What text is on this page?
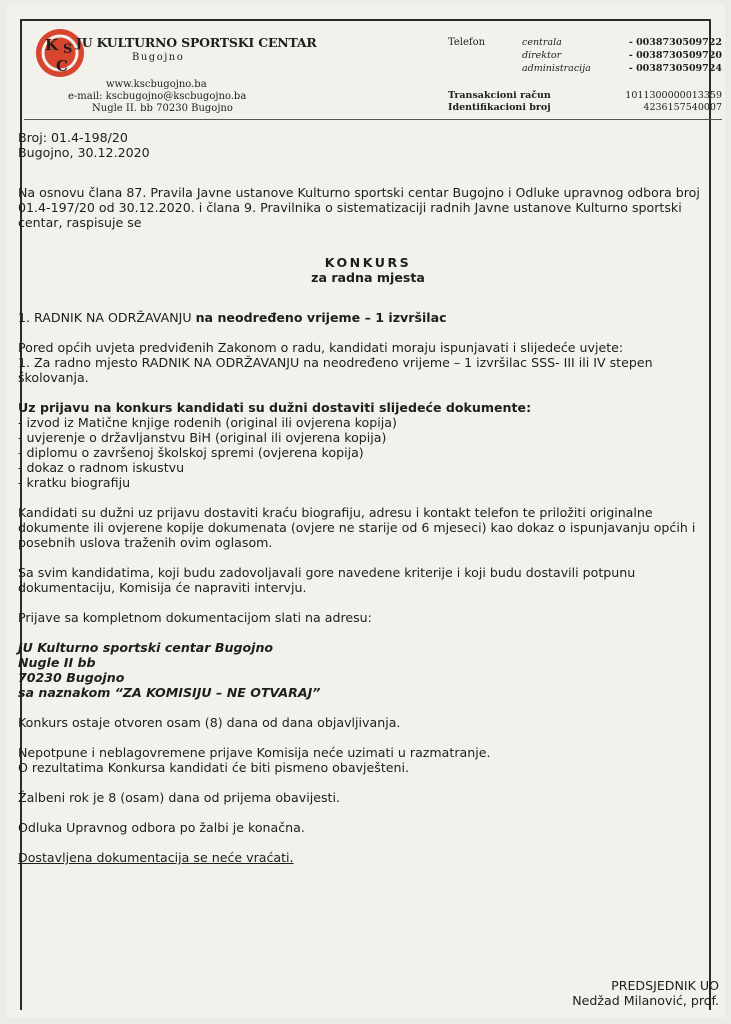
K
C
S JU KULTURNO SPORTSKI CENTAR
Bugojno
www.kscbugojno.ba
e-mail: kscbugojno@kscbugojno.ba
Nugle II. bb 70230 Bugojno
Telefon	centrala	- 0038730509722
direktor	- 0038730509720
administracija	- 0038730509724
Transakcioni račun	1011300000013359
Identifikacioni broj	4236157540007

Broj: 01.4-198/20

Bugojno, 30.12.2020

Na osnovu člana 87. Pravila Javne ustanove Kulturno sportski centar Bugojno i Odluke upravnog odbora broj 01.4-197/20 od 30.12.2020. i člana 9. Pravilnika o sistematizaciji radnih Javne ustanove Kulturno sportski centar, raspisuje se

KONKURS

za radna mjesta

1. RADNIK NA ODRŽAVANJU na neodređeno vrijeme – 1 izvršilac

Pored općih uvjeta predviđenih Zakonom o radu, kandidati moraju ispunjavati i slijedeće uvjete:

1. Za radno mjesto RADNIK NA ODRŽAVANJU na neodređeno vrijeme – 1 izvršilac SSS- III ili IV stepen školovanja.

Uz prijavu na konkurs kandidati su dužni dostaviti slijedeće dokumente:

- izvod iz Matične knjige rodenih (original ili ovjerena kopija)

- uvjerenje o državljanstvu BiH (original ili ovjerena kopija)

- diplomu o završenoj školskoj spremi (ovjerena kopija)

- dokaz o radnom iskustvu

- kratku biografiju

Kandidati su dužni uz prijavu dostaviti kraću biografiju, adresu i kontakt telefon te priložiti originalne dokumente ili ovjerene kopije dokumenata (ovjere ne starije od 6 mjeseci) kao dokaz o ispunjavanju općih i posebnih uslova traženih ovim oglasom.

Sa svim kandidatima, koji budu zadovoljavali gore navedene kriterije i koji budu dostavili potpunu dokumentaciju, Komisija će napraviti intervju.

Prijave sa kompletnom dokumentacijom slati na adresu:

JU Kulturno sportski centar Bugojno

Nugle II bb

70230 Bugojno

sa naznakom “ZA KOMISIJU – NE OTVARAJ”

Konkurs ostaje otvoren osam (8) dana od dana objavljivanja.

Nepotpune i neblagovremene prijave Komisija neće uzimati u razmatranje.

O rezultatima Konkursa kandidati će biti pismeno obavješteni.

Žalbeni rok je 8 (osam) dana od prijema obavijesti.

Odluka Upravnog odbora po žalbi je konačna.

Dostavljena dokumentacija se neće vraćati.

PREDSJEDNIK UO
Nedžad Milanović, prof.
